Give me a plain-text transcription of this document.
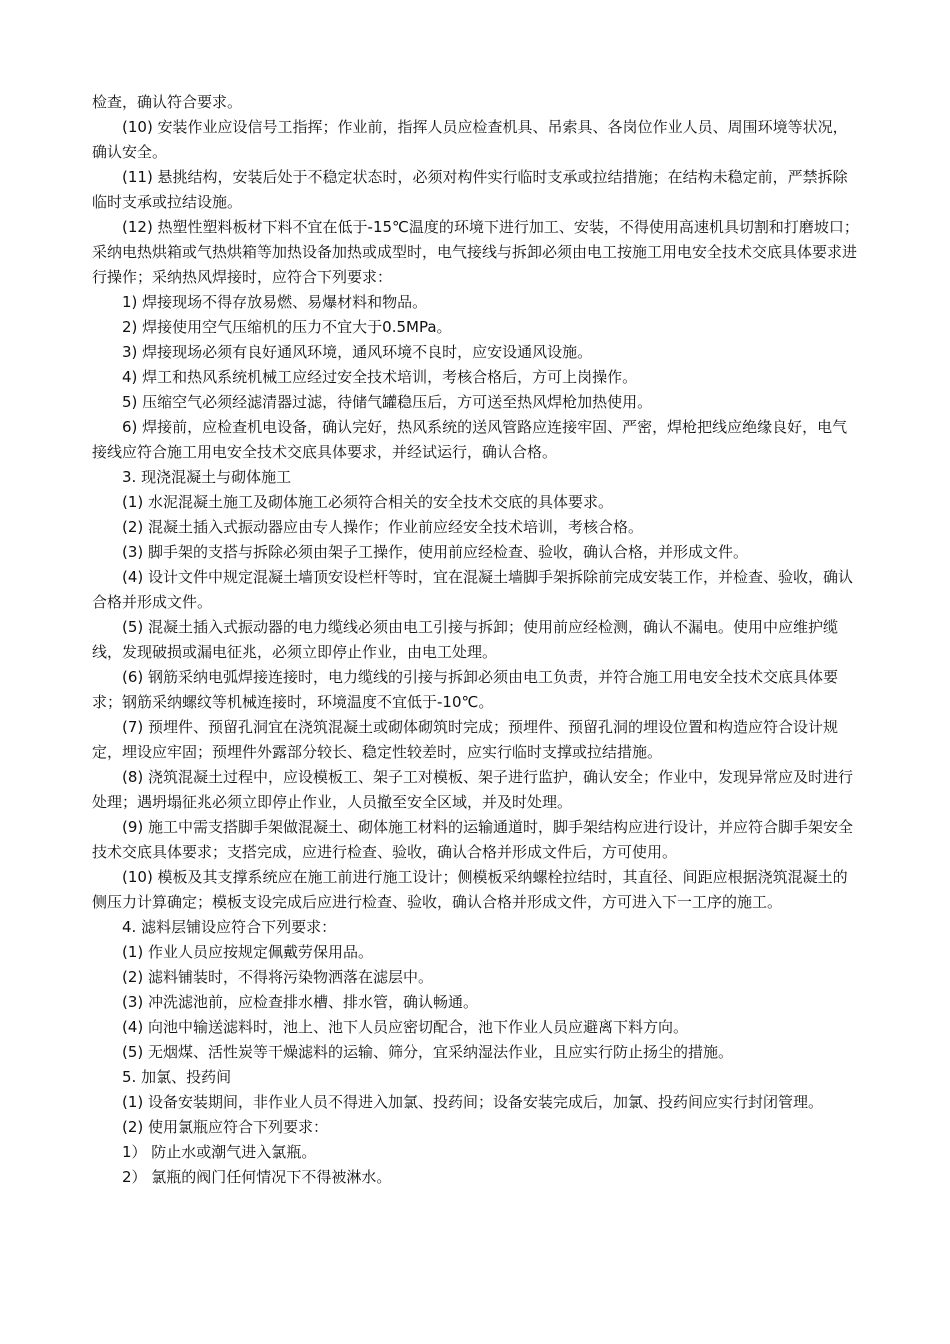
检查，确认符合要求。

(10) 安装作业应设信号工指挥；作业前，指挥人员应检查机具、吊索具、各岗位作业人员、周围环境等状况，确认安全。

(11) 悬挑结构，安装后处于不稳定状态时，必须对构件实行临时支承或拉结措施；在结构未稳定前，严禁拆除临时支承或拉结设施。

(12) 热塑性塑料板材下料不宜在低于-15℃温度的环境下进行加工、安装，不得使用高速机具切割和打磨坡口；采纳电热烘箱或气热烘箱等加热设备加热或成型时，电气接线与拆卸必须由电工按施工用电安全技术交底具体要求进行操作；采纳热风焊接时，应符合下列要求：

1) 焊接现场不得存放易燃、易爆材料和物品。

2) 焊接使用空气压缩机的压力不宜大于0.5MPa。

3) 焊接现场必须有良好通风环境，通风环境不良时，应安设通风设施。

4) 焊工和热风系统机械工应经过安全技术培训，考核合格后，方可上岗操作。

5) 压缩空气必须经滤清器过滤，待储气罐稳压后，方可送至热风焊枪加热使用。

6) 焊接前，应检查机电设备，确认完好，热风系统的送风管路应连接牢固、严密，焊枪把线应绝缘良好，电气接线应符合施工用电安全技术交底具体要求，并经试运行，确认合格。

3. 现浇混凝土与砌体施工

(1) 水泥混凝土施工及砌体施工必须符合相关的安全技术交底的具体要求。

(2) 混凝土插入式振动器应由专人操作；作业前应经安全技术培训，考核合格。

(3) 脚手架的支搭与拆除必须由架子工操作，使用前应经检查、验收，确认合格，并形成文件。

(4) 设计文件中规定混凝土墙顶安设栏杆等时，宜在混凝土墙脚手架拆除前完成安装工作，并检查、验收，确认合格并形成文件。

(5) 混凝土插入式振动器的电力缆线必须由电工引接与拆卸；使用前应经检测，确认不漏电。使用中应维护缆线，发现破损或漏电征兆，必须立即停止作业，由电工处理。

(6) 钢筋采纳电弧焊接连接时，电力缆线的引接与拆卸必须由电工负责，并符合施工用电安全技术交底具体要求；钢筋采纳螺纹等机械连接时，环境温度不宜低于-10℃。

(7) 预埋件、预留孔洞宜在浇筑混凝土或砌体砌筑时完成；预埋件、预留孔洞的埋设位置和构造应符合设计规定，埋设应牢固；预埋件外露部分较长、稳定性较差时，应实行临时支撑或拉结措施。

(8) 浇筑混凝土过程中，应设模板工、架子工对模板、架子进行监护，确认安全；作业中，发现异常应及时进行处理；遇坍塌征兆必须立即停止作业，人员撤至安全区域，并及时处理。

(9) 施工中需支搭脚手架做混凝土、砌体施工材料的运输通道时，脚手架结构应进行设计，并应符合脚手架安全技术交底具体要求；支搭完成，应进行检查、验收，确认合格并形成文件后，方可使用。

(10) 模板及其支撑系统应在施工前进行施工设计；侧模板采纳螺栓拉结时，其直径、间距应根据浇筑混凝土的侧压力计算确定；模板支设完成后应进行检查、验收，确认合格并形成文件，方可进入下一工序的施工。

4. 滤料层铺设应符合下列要求：

(1) 作业人员应按规定佩戴劳保用品。

(2) 滤料铺装时，不得将污染物洒落在滤层中。

(3) 冲洗滤池前，应检查排水槽、排水管，确认畅通。

(4) 向池中输送滤料时，池上、池下人员应密切配合，池下作业人员应避离下料方向。

(5) 无烟煤、活性炭等干燥滤料的运输、筛分，宜采纳湿法作业，且应实行防止扬尘的措施。

5. 加氯、投药间

(1) 设备安装期间，非作业人员不得进入加氯、投药间；设备安装完成后，加氯、投药间应实行封闭管理。

(2) 使用氯瓶应符合下列要求：

1） 防止水或潮气进入氯瓶。

2） 氯瓶的阀门任何情况下不得被淋水。
